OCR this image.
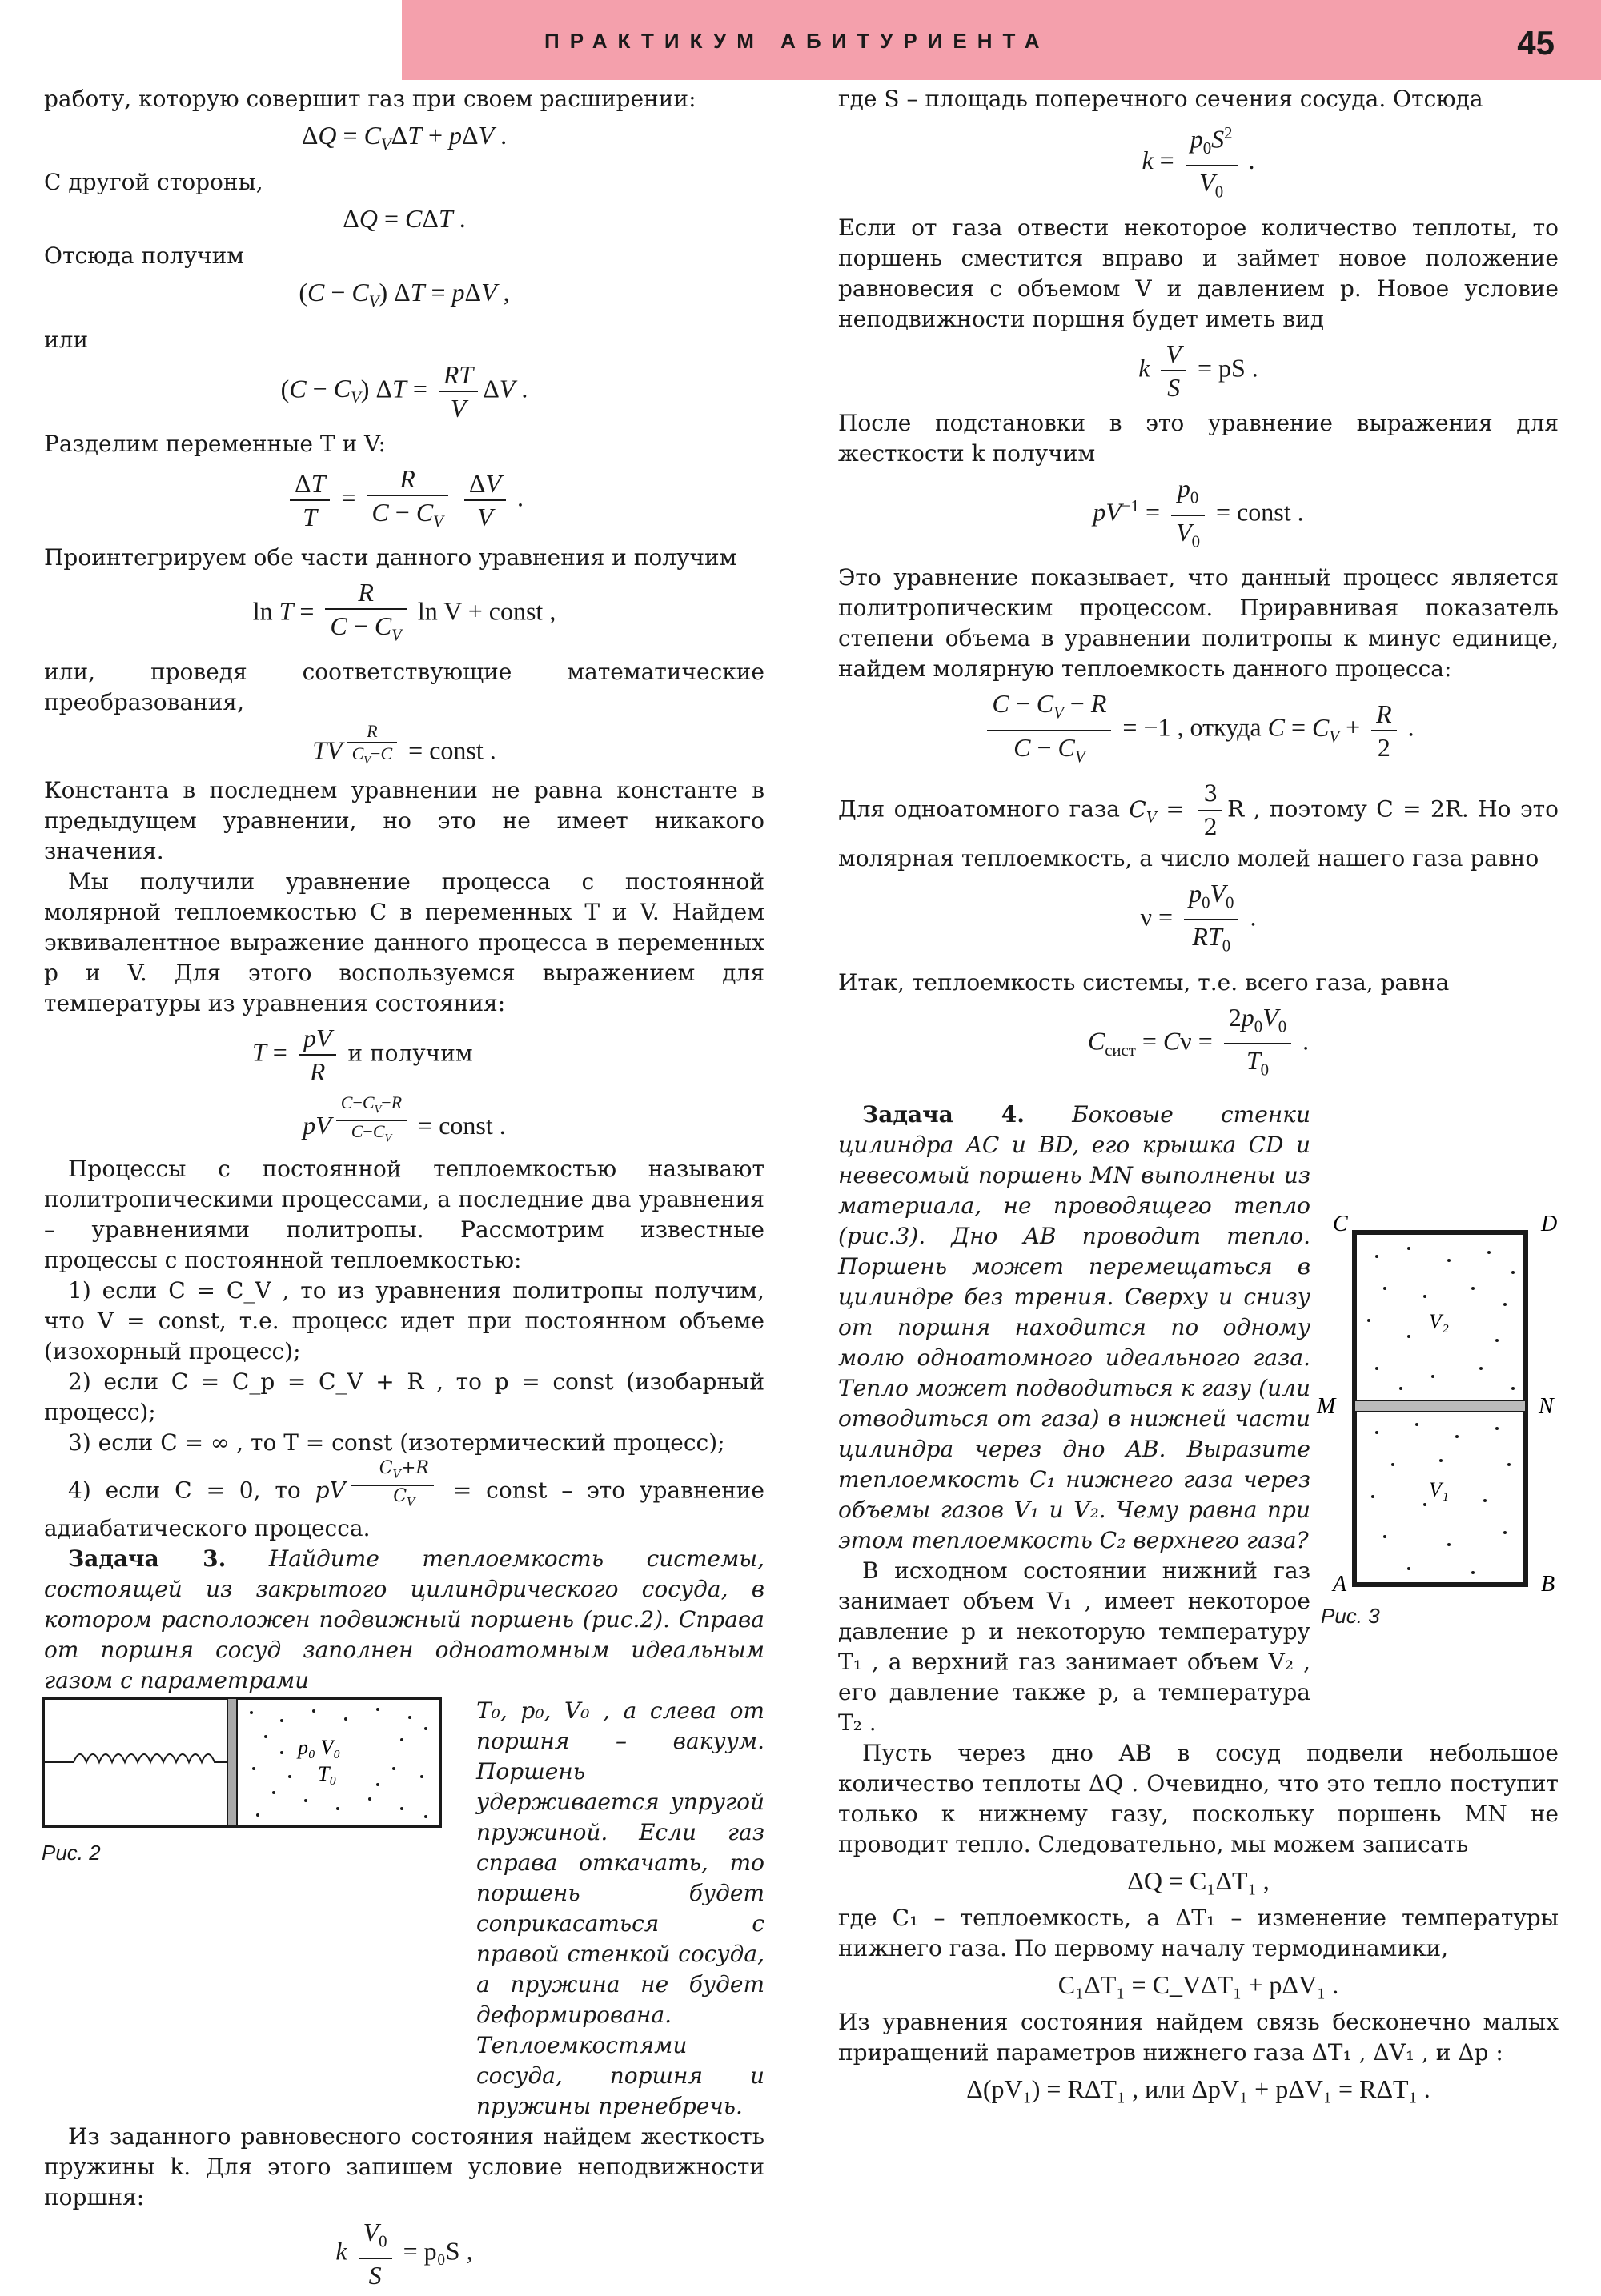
ПРАКТИКУМ АБИТУРИЕНТА	45

работу, которую совершит газ при своем расширении:

$\Delta Q = C_V\Delta T + p\Delta V$ .

С другой стороны,

ΔQ = CΔT .

Отсюда получим

$(C - C_V)$ ΔT = pΔV ,

или

$(C - C_V)$ $\Delta T = \frac{RT}{V}$ ΔV .

Разделим переменные T и V:

$\frac{\Delta T}{T} = \frac{R}{C - C_V}$
$\frac{\Delta V}{V}$ .

Проинтегрируем обе части данного уравнения и получим

$\ln T = \frac{R}{C - C_V}$ ln V + const ,

или, проведя соответствующие математические преобразования,

TV $^{\frac{R}{C_V-C}}$ = const .

Константа в последнем уравнении не равна константе в предыдущем уравнении, но это не имеет никакого значения.

Мы получили уравнение процесса с постоянной молярной теплоемкостью C в переменных T и V. Найдем эквивалентное выражение данного процесса в переменных p и V. Для этого воспользуемся выражением для температуры из уравнения состояния:

$T = \frac{pV}{R}$ и получим
pV $^{\frac{C-C_V-R}{C-C_V}}$ = const .

Процессы с постоянной теплоемкостью называют политропическими процессами, а последние два уравнения – уравнениями политропы. Рассмотрим известные процессы с постоянной теплоемкостью:

1) если C = C_V , то из уравнения политропы получим, что V = const, т.е. процесс идет при постоянном объеме (изохорный процесс);

2) если C = C_p = C_V + R , то p = const (изобарный процесс);

3) если C = ∞ , то T = const (изотермический процесс);

4) если C = 0, то pV $^{\frac{C_V+R}{C_V}}$ = const – это уравнение адиабатического процесса.

Задача 3. Найдите теплоемкость системы, состоящей из закрытого цилиндрического сосуда, в котором расположен подвижный поршень (рис.2). Справа от поршня сосуд заполнен одноатомным идеальным газом с параметрами

T₀, p₀, V₀ , а слева от поршня – вакуум. Поршень удерживается упругой пружиной. Если газ справа откачать, то поршень будет соприкасаться с правой стенкой сосуда, а пружина не будет деформирована. Теплоемкостями сосуда, поршня и пружины пренебречь.

Из заданного равновесного состояния найдем жесткость пружины k. Для этого запишем условие неподвижности поршня:

k $\frac{V_0}{S} = p_0S$ ,
p₀ V₀
T₀
Рис. 2

где S – площадь поперечного сечения сосуда. Отсюда

$k = \frac{p_0S^2}{V_0}$ .

Если от газа отвести некоторое количество теплоты, то поршень сместится вправо и займет новое положение равновесия с объемом V и давлением p. Новое условие неподвижности поршня будет иметь вид

k $\frac{V}{S}$ = pS .

После подстановки в это уравнение выражения для жесткости k получим

$pV^{-1} = \frac{p_0}{V_0}$ = const .

Это уравнение показывает, что данный процесс является политропическим процессом. Приравнивая показатель степени объема в уравнении политропы к минус единице, найдем молярную теплоемкость данного процесса:

$\frac{C - C_V - R}{C - C_V} = -1$ , откуда $C = C_V + \frac{R}{2}$ .

Для одноатомного газа $C_V = \frac{3}{2}$ R , поэтому C = 2R. Но это молярная теплоемкость, а число молей нашего газа равно

$\nu = \frac{p_0V_0}{RT_0}$ .

Итак, теплоемкость системы, т.е. всего газа, равна

$C_{сист} = C\nu = \frac{2p_0V_0}{T_0}$ .

Задача 4. Боковые стенки цилиндра AC и BD, его крышка CD и невесомый поршень MN выполнены из материала, не проводящего тепло (рис.3). Дно AB проводит тепло. Поршень может перемещаться в цилиндре без трения. Сверху и снизу от поршня находится по одному молю одноатомного идеального газа. Тепло может подводиться к газу (или отводиться от газа) в нижней части цилиндра через дно AB. Выразите теплоемкость C₁ нижнего газа через объемы газов V₁ и V₂. Чему равна при этом теплоемкость C₂ верхнего газа?

В исходном состоянии нижний газ занимает объем V₁ , имеет некоторое давление p и некоторую температуру T₁ , а верхний газ занимает объем V₂ , его давление также p, а температура T₂ .

Пусть через дно AB в сосуд подвели небольшое количество теплоты ΔQ . Очевидно, что это тепло поступит только к нижнему газу, поскольку поршень MN не проводит тепло. Следовательно, мы можем записать

ΔQ = C₁ΔT₁ ,

где C₁ – теплоемкость, а ΔT₁ – изменение температуры нижнего газа. По первому началу термодинамики,

C₁ΔT₁ = C_VΔT₁ + pΔV₁ .

Из уравнения состояния найдем связь бесконечно малых приращений параметров нижнего газа ΔT₁ , ΔV₁ , и Δp :

Δ(pV₁) = RΔT₁ , или ΔpV₁ + pΔV₁ = RΔT₁ .
C	D
M	N
A	B
V₂
V₁
Рис. 3
